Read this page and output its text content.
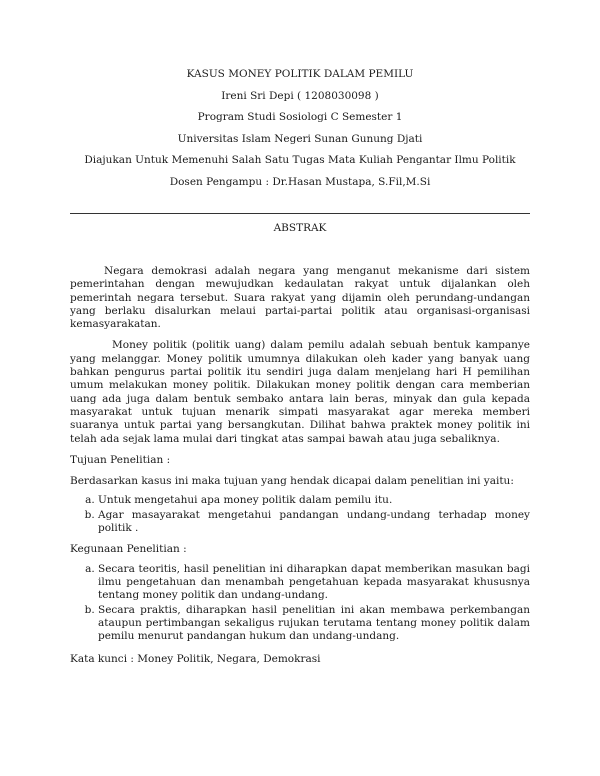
KASUS MONEY POLITIK DALAM PEMILU
Ireni Sri Depi ( 1208030098 )
Program Studi Sosiologi C Semester 1
Universitas Islam Negeri Sunan Gunung Djati
Diajukan Untuk Memenuhi Salah Satu Tugas Mata Kuliah Pengantar Ilmu Politik
Dosen Pengampu : Dr.Hasan Mustapa, S.Fil,M.Si
ABSTRAK

Negara demokrasi adalah negara yang menganut mekanisme dari sistem pemerintahan dengan mewujudkan kedaulatan rakyat untuk dijalankan oleh pemerintah negara tersebut. Suara rakyat yang dijamin oleh perundang-undangan yang berlaku disalurkan melaui partai-partai politik atau organisasi-organisasi kemasyarakatan.

Money politik (politik uang) dalam pemilu adalah sebuah bentuk kampanye yang melanggar. Money politik umumnya dilakukan oleh kader yang banyak uang bahkan pengurus partai politik itu sendiri juga dalam menjelang hari H pemilihan umum melakukan money politik. Dilakukan money politik dengan cara memberian uang ada juga dalam bentuk sembako antara lain beras, minyak dan gula kepada masyarakat untuk tujuan menarik simpati masyarakat agar mereka memberi suaranya untuk partai yang bersangkutan. Dilihat bahwa praktek money politik ini telah ada sejak lama mulai dari tingkat atas sampai bawah atau juga sebaliknya.

Tujuan Penelitian :

Berdasarkan kasus ini maka tujuan yang hendak dicapai dalam penelitian ini yaitu:

a. Untuk mengetahui apa money politik dalam pemilu itu.
b. Agar masayarakat mengetahui pandangan undang-undang terhadap money politik .

Kegunaan Penelitian :

a. Secara teoritis, hasil penelitian ini diharapkan dapat memberikan masukan bagi ilmu pengetahuan dan menambah pengetahuan kepada masyarakat khususnya tentang money politik dan undang-undang.
b. Secara praktis, diharapkan hasil penelitian ini akan membawa perkembangan ataupun pertimbangan sekaligus rujukan terutama tentang money politik dalam pemilu menurut pandangan hukum dan undang-undang.

Kata kunci : Money Politik, Negara, Demokrasi
